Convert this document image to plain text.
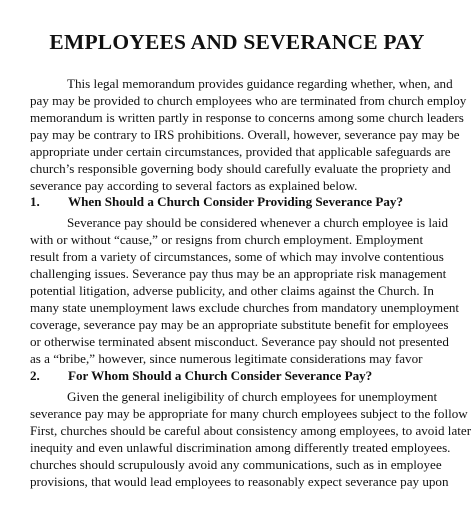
EMPLOYEES AND SEVERANCE PAY
This legal memorandum provides guidance regarding whether, when, and
pay may be provided to church employees who are terminated from church employ
memorandum is written partly in response to concerns among some church leaders
pay may be contrary to IRS prohibitions. Overall, however, severance pay may be
appropriate under certain circumstances, provided that applicable safeguards are
church’s responsible governing body should carefully evaluate the propriety and
severance pay according to several factors as explained below.
1. When Should a Church Consider Providing Severance Pay?
Severance pay should be considered whenever a church employee is laid
with or without “cause,” or resigns from church employment. Employment
result from a variety of circumstances, some of which may involve contentious
challenging issues. Severance pay thus may be an appropriate risk management
potential litigation, adverse publicity, and other claims against the Church. In
many state unemployment laws exclude churches from mandatory unemployment
coverage, severance pay may be an appropriate substitute benefit for employees
or otherwise terminated absent misconduct. Severance pay should not presented
as a “bribe,” however, since numerous legitimate considerations may favor
2. For Whom Should a Church Consider Severance Pay?
Given the general ineligibility of church employees for unemployment
severance pay may be appropriate for many church employees subject to the follow
First, churches should be careful about consistency among employees, to avoid later
inequity and even unlawful discrimination among differently treated employees.
churches should scrupulously avoid any communications, such as in employee
provisions, that would lead employees to reasonably expect severance pay upon
